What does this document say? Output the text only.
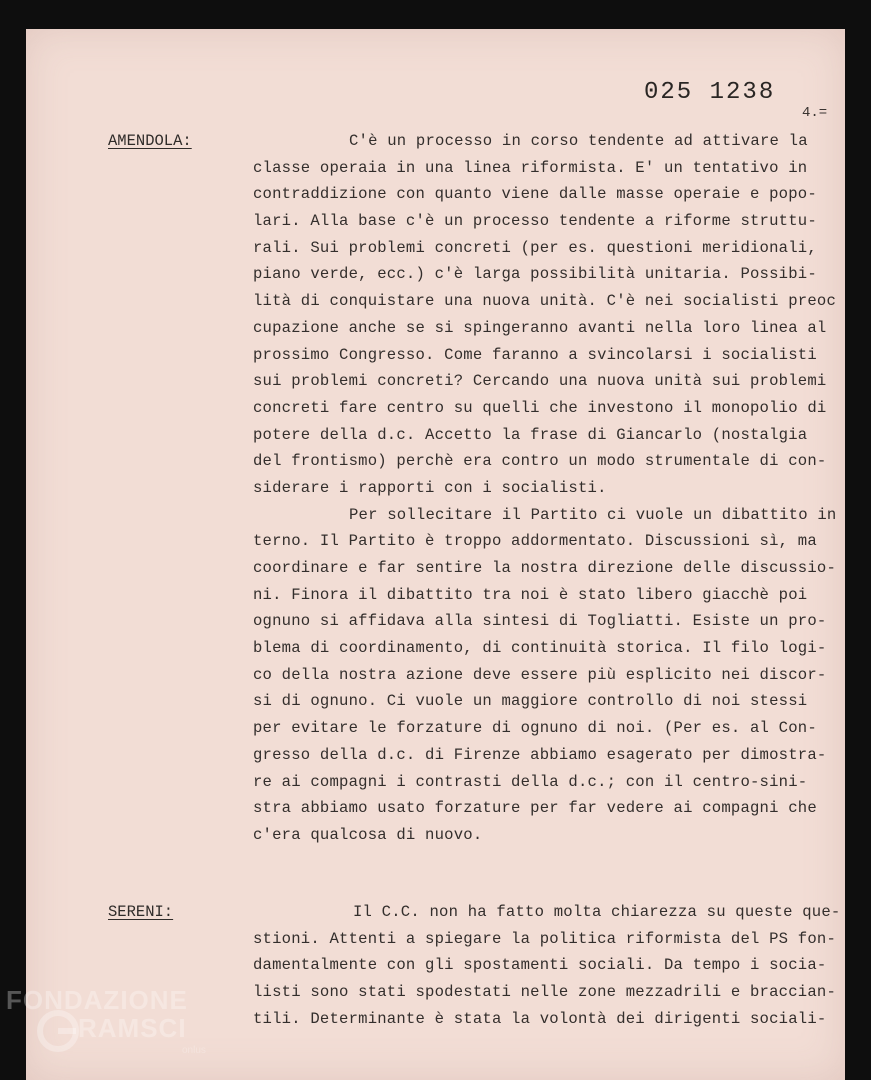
025 1238
4.=
AMENDOLA:	C'è un processo in corso tendente ad attivare la
classe operaia in una linea riformista. E' un tentativo in
contraddizione con quanto viene dalle masse operaie e popo-
lari. Alla base c'è un processo tendente a riforme struttu-
rali. Sui problemi concreti (per es. questioni meridionali,
piano verde, ecc.) c'è larga possibilità unitaria. Possibi-
lità di conquistare una nuova unità. C'è nei socialisti preoc
cupazione anche se si spingeranno avanti nella loro linea al
prossimo Congresso. Come faranno a svincolarsi i socialisti
sui problemi concreti? Cercando una nuova unità sui problemi
concreti fare centro su quelli che investono il monopolio di
potere della d.c. Accetto la frase di Giancarlo (nostalgia
del frontismo) perchè era contro un modo strumentale di con-
siderare i rapporti con i socialisti.
Per sollecitare il Partito ci vuole un dibattito in
terno. Il Partito è troppo addormentato. Discussioni sì, ma
coordinare e far sentire la nostra direzione delle discussio-
ni. Finora il dibattito tra noi è stato libero giacchè poi
ognuno si affidava alla sintesi di Togliatti. Esiste un pro-
blema di coordinamento, di continuità storica. Il filo logi-
co della nostra azione deve essere più esplicito nei discor-
si di ognuno. Ci vuole un maggiore controllo di noi stessi
per evitare le forzature di ognuno di noi. (Per es. al Con-
gresso della d.c. di Firenze abbiamo esagerato per dimostra-
re ai compagni i contrasti della d.c.; con il centro-sini-
stra abbiamo usato forzature per far vedere ai compagni che
c'era qualcosa di nuovo.
SERENI:	Il C.C. non ha fatto molta chiarezza su queste que-
stioni. Attenti a spiegare la politica riformista del PS fon-
damentalmente con gli spostamenti sociali. Da tempo i socia-
listi sono stati spodestati nelle zone mezzadrili e braccian-
tili. Determinante è stata la volontà dei dirigenti sociali-
FONDAZIONE
RAMSCI
onlus
